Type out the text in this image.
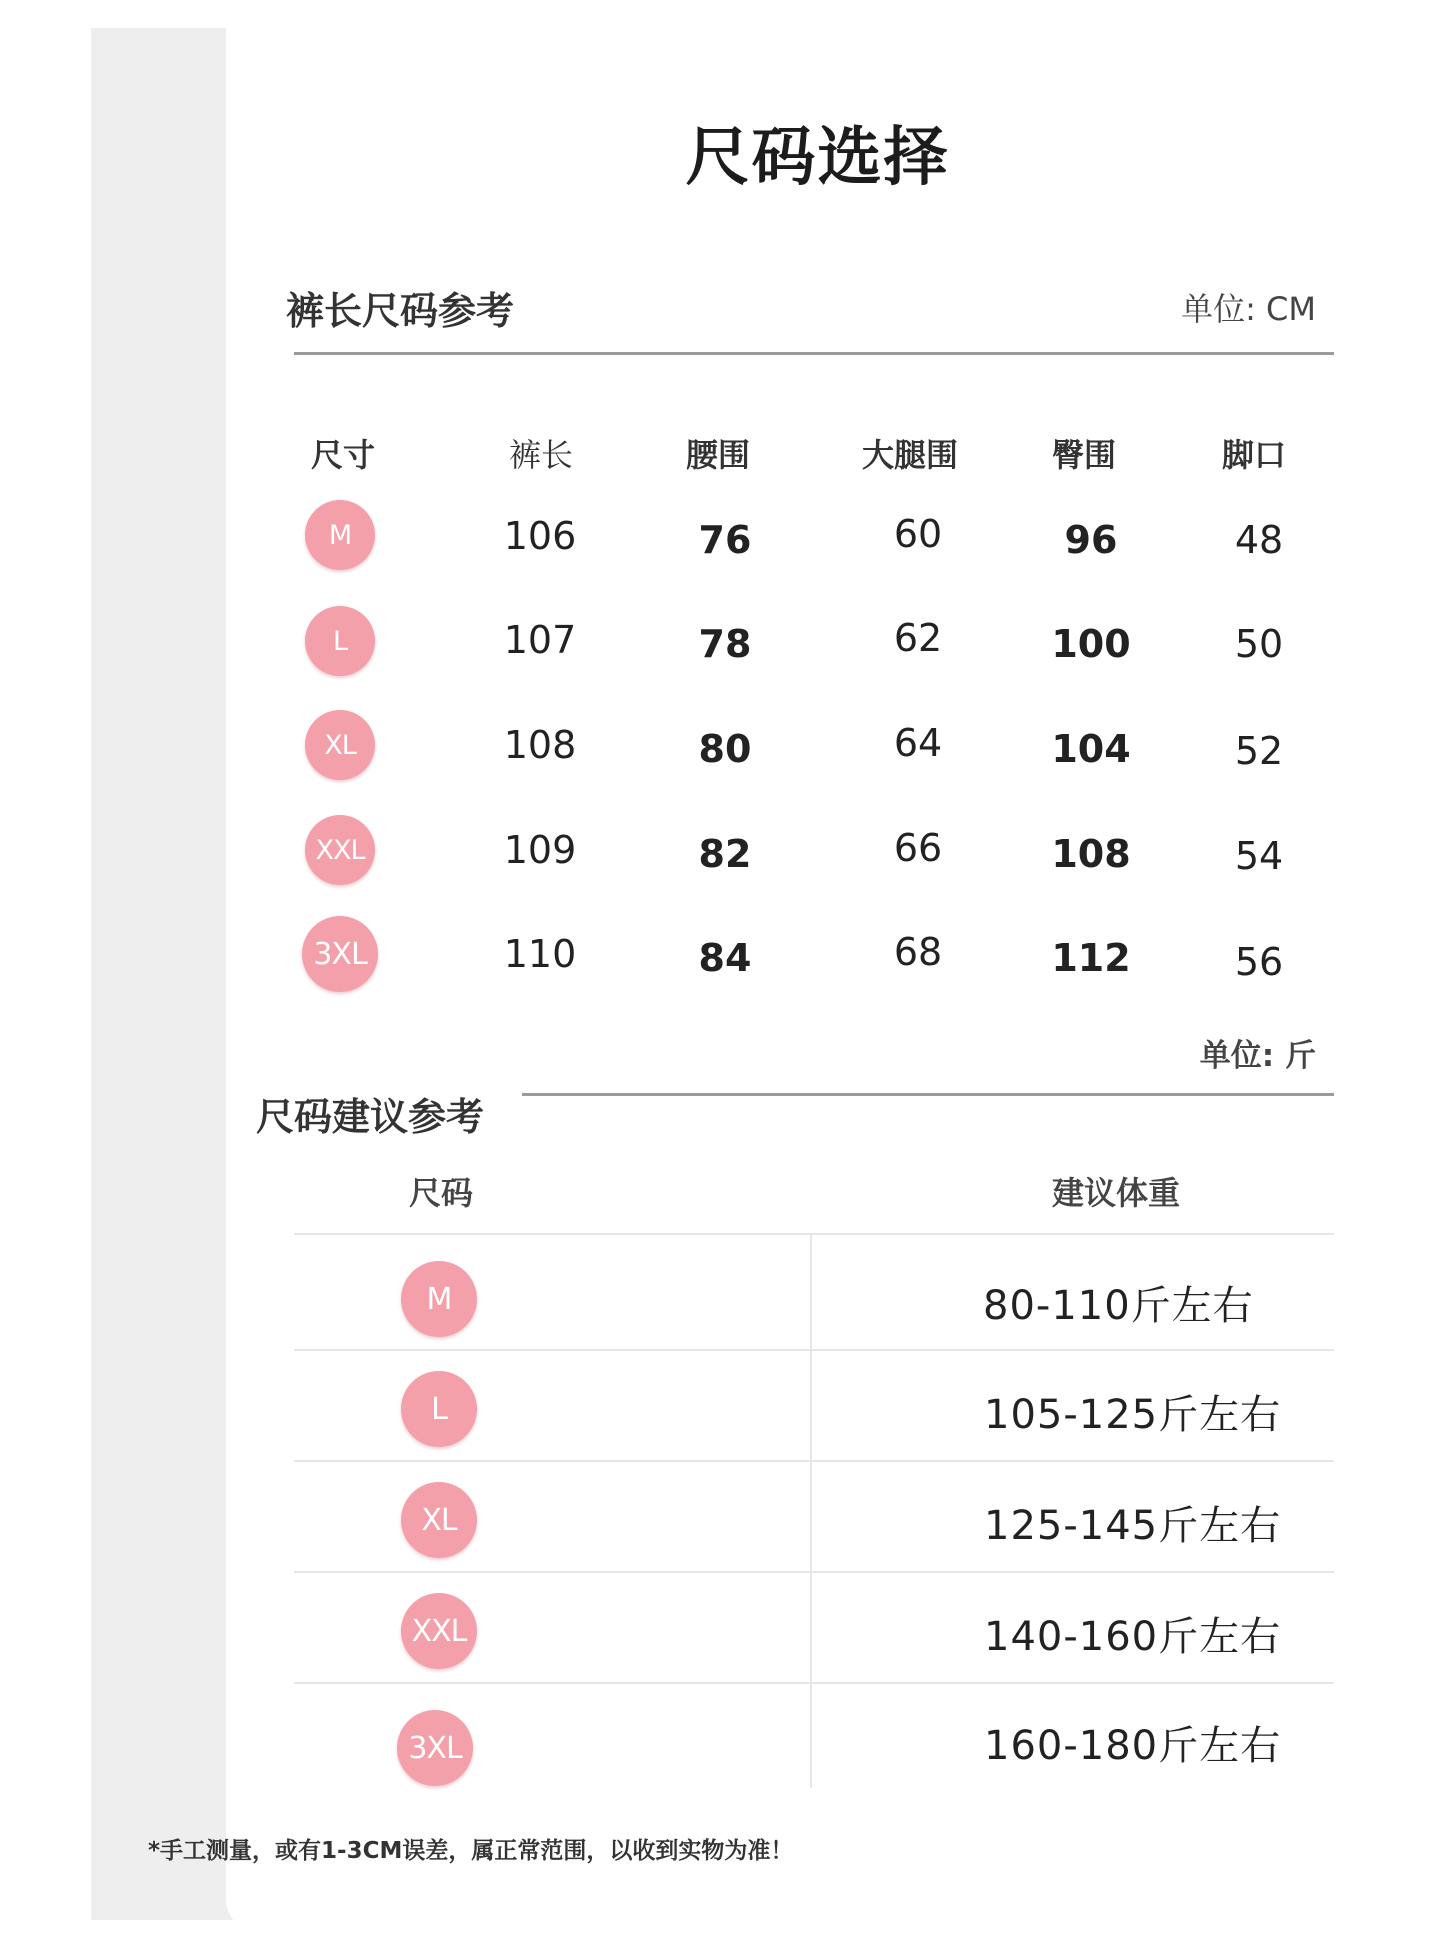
尺码选择
裤长尺码参考	单位: CM
尺寸	裤长	腰围	大腿围	臀围	脚口
M	106	76	60	96	48
L	107	78	62	100	50
XL	108	80	64	104	52
XXL	109	82	66	108	54
3XL	110	84	68	112	56
单位: 斤
尺码建议参考
尺码	建议体重
M	80-110斤左右
L	105-125斤左右
XL	125-145斤左右
XXL	140-160斤左右
3XL	160-180斤左右
*手工测量，或有1-3CM误差，属正常范围，以收到实物为准！
